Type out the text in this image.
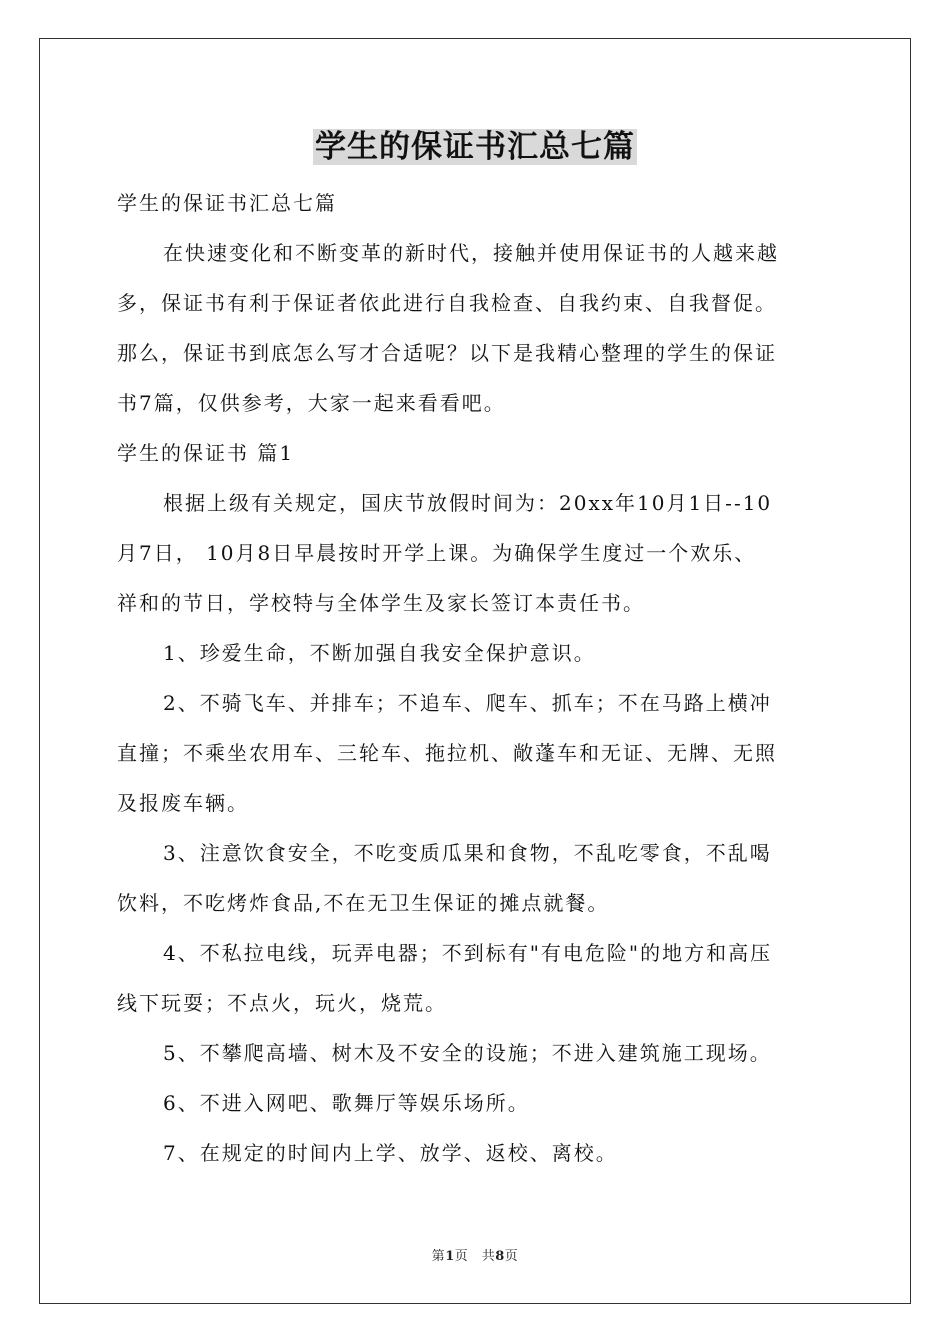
学生的保证书汇总七篇
学生的保证书汇总七篇
在快速变化和不断变革的新时代，接触并使用保证书的人越来越
多，保证书有利于保证者依此进行自我检查、自我约束、自我督促。
那么，保证书到底怎么写才合适呢？以下是我精心整理的学生的保证
书7篇，仅供参考，大家一起来看看吧。
学生的保证书 篇1
根据上级有关规定，国庆节放假时间为：20xx年10月1日--10
月7日， 10月8日早晨按时开学上课。为确保学生度过一个欢乐、
祥和的节日，学校特与全体学生及家长签订本责任书。
1、珍爱生命，不断加强自我安全保护意识。
2、不骑飞车、并排车；不追车、爬车、抓车；不在马路上横冲
直撞；不乘坐农用车、三轮车、拖拉机、敞蓬车和无证、无牌、无照
及报废车辆。
3、注意饮食安全，不吃变质瓜果和食物，不乱吃零食，不乱喝
饮料，不吃烤炸食品,不在无卫生保证的摊点就餐。
4、不私拉电线，玩弄电器；不到标有"有电危险"的地方和高压
线下玩耍；不点火，玩火，烧荒。
5、不攀爬高墙、树木及不安全的设施；不进入建筑施工现场。
6、不进入网吧、歌舞厅等娱乐场所。
7、在规定的时间内上学、放学、返校、离校。
第1页　共8页
